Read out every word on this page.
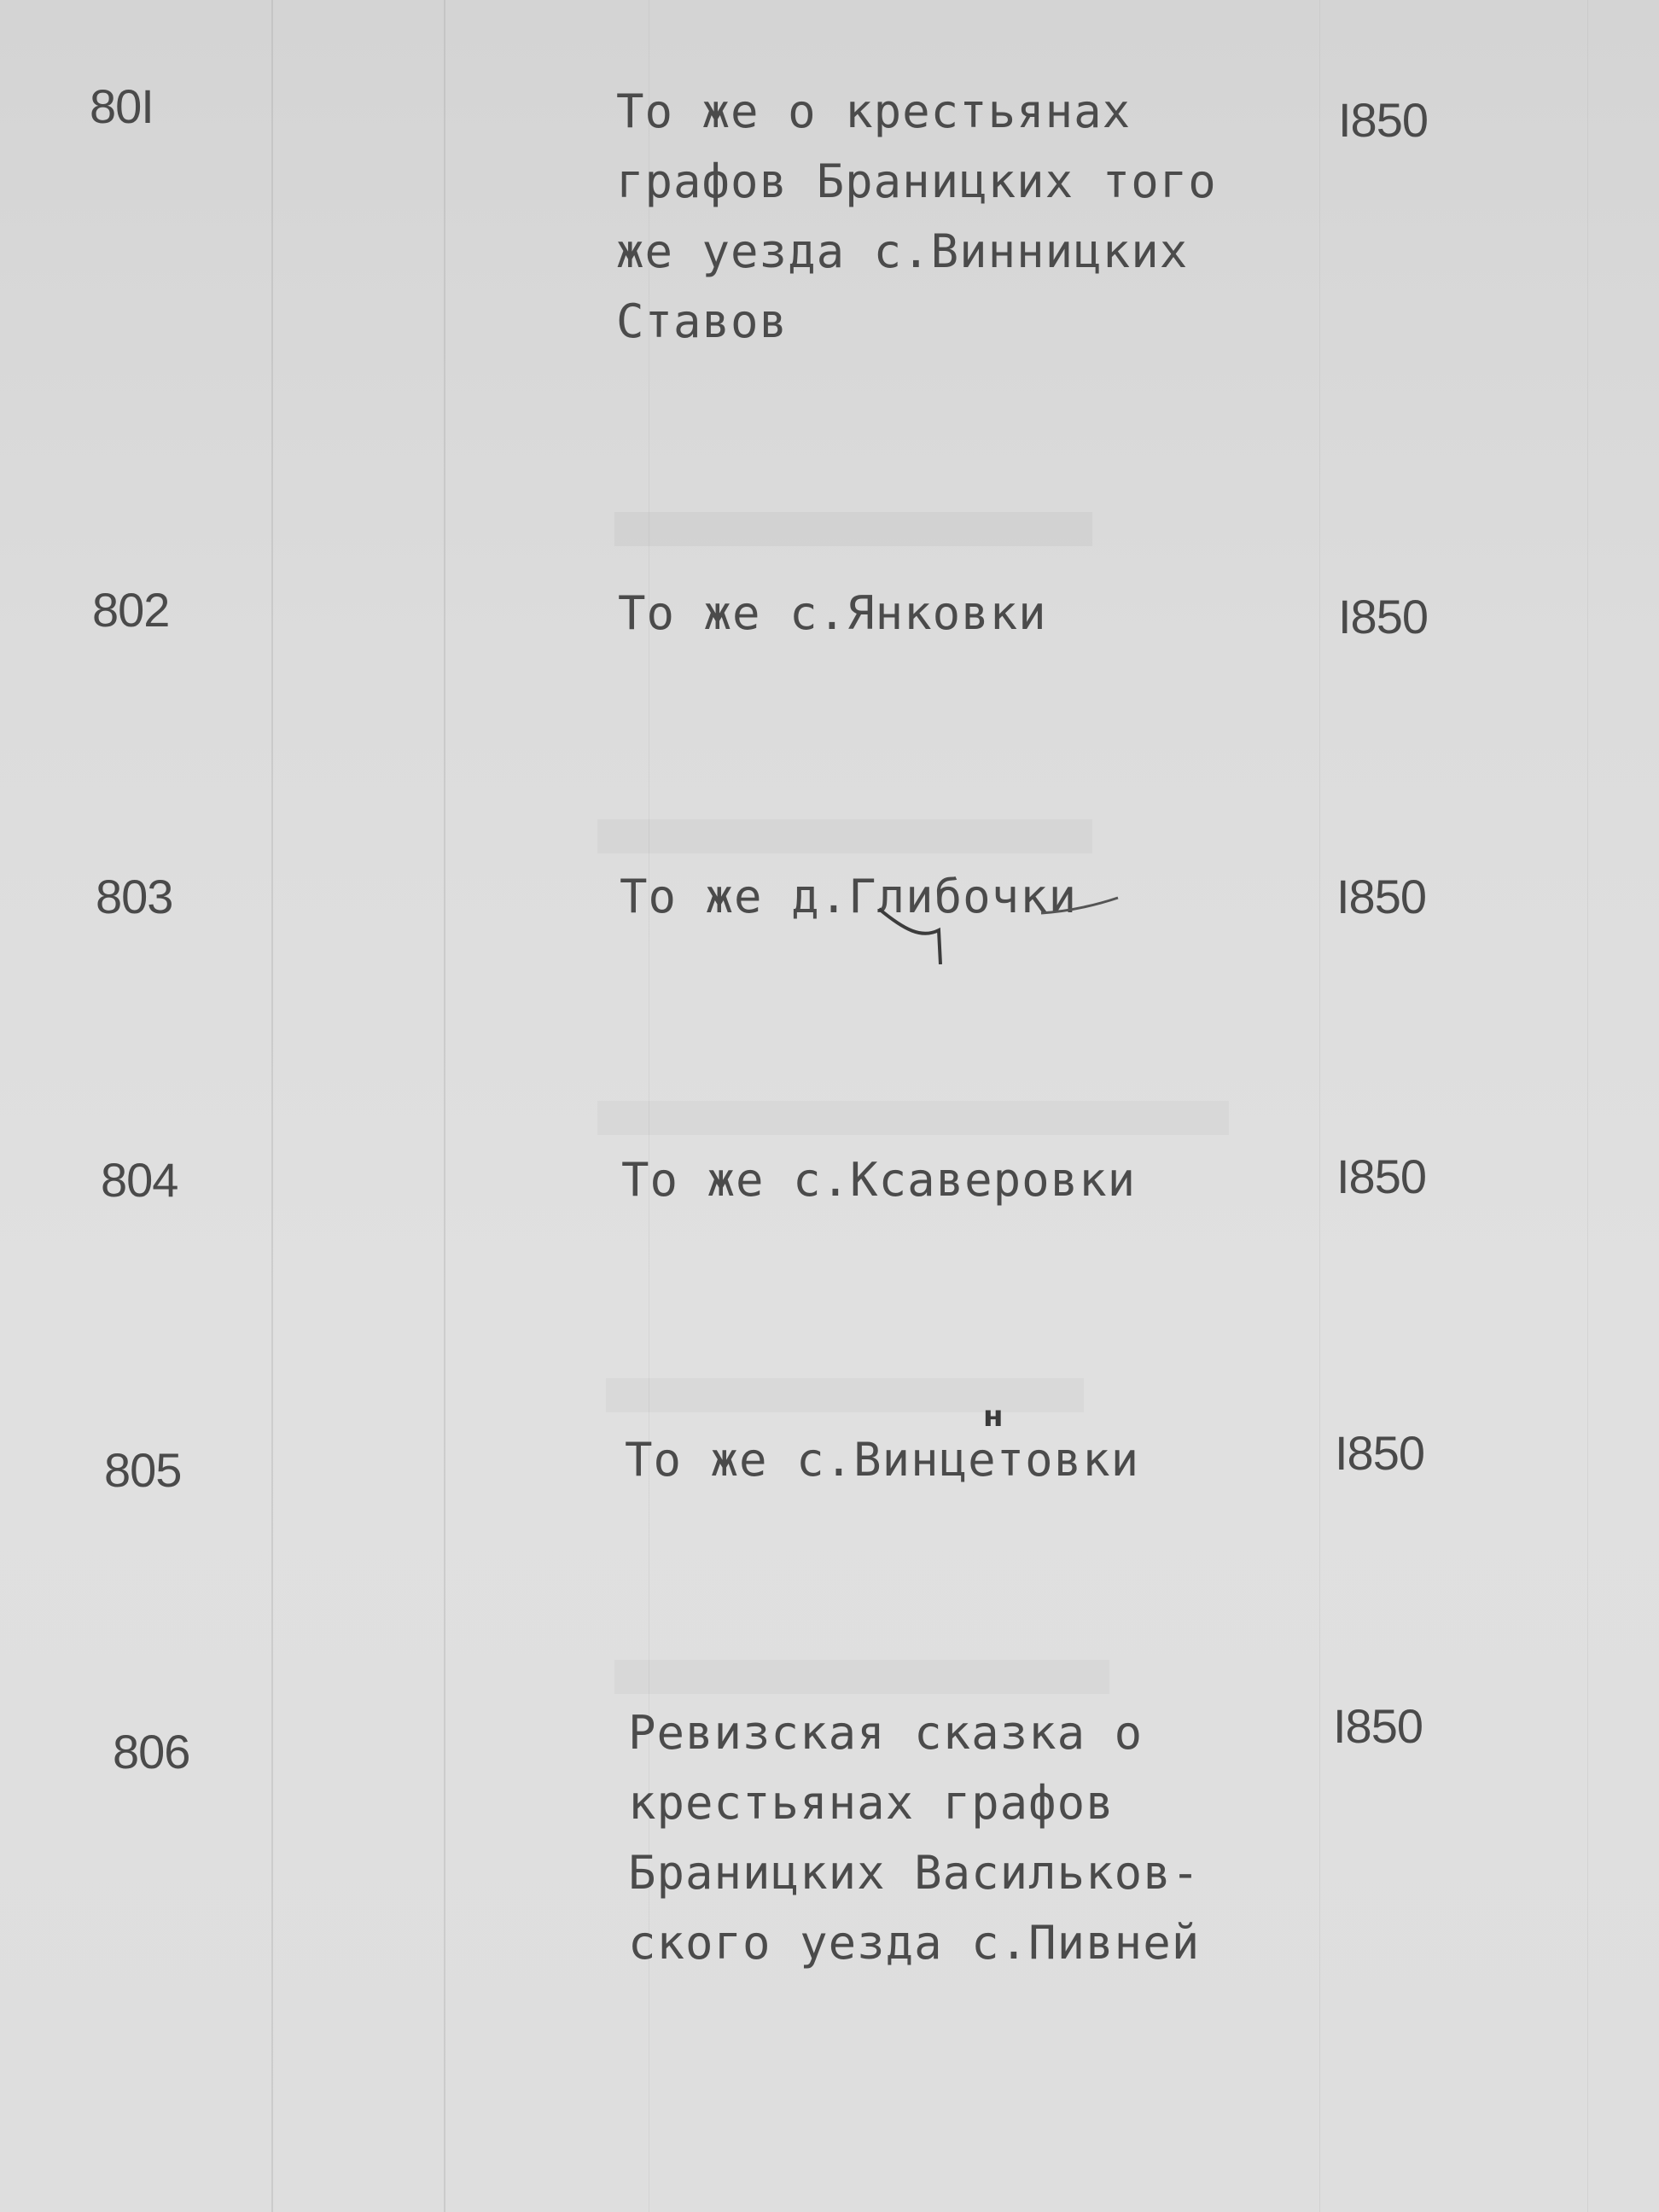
80I	То же о крестьянах
графов Браницких того
же уезда с.Винницких
Ставов
I850
802	То же с.Янковки	I850
803	То же д.Глибочки	I850
804	То же с.Ксаверовки	I850
805	То же с.Винцетовки	I850
н
806	Ревизская сказка о
крестьянах графов
Браницких Васильков-
ского уезда с.Пивней
I850
